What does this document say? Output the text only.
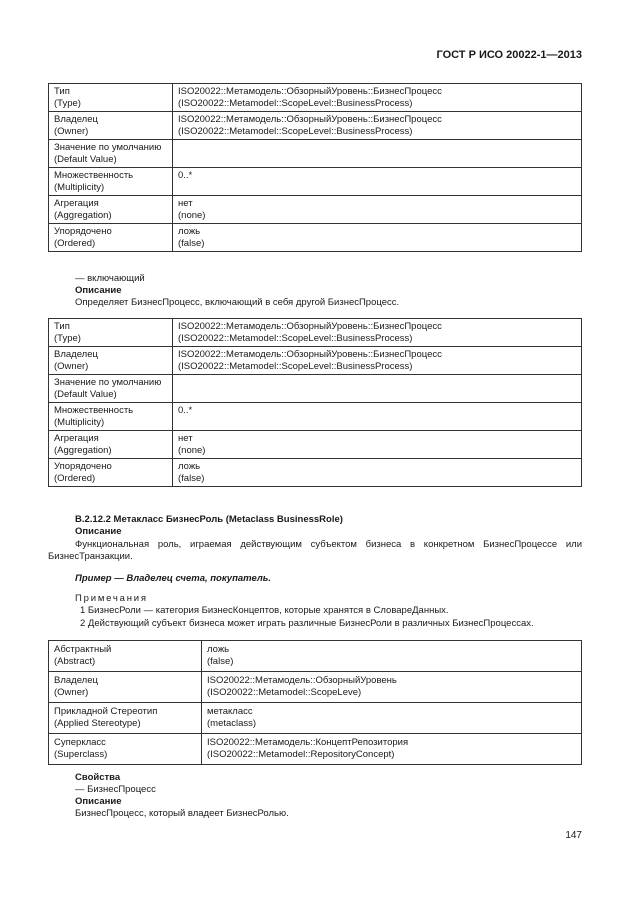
ГОСТ Р ИСО 20022-1—2013
Тип
(Type)	ISO20022::Метамодель::ОбзорныйУровень::БизнесПроцесс
(ISO20022::Metamodel::ScopeLevel::BusinessProcess)

Владелец
(Owner)	ISO20022::Метамодель::ОбзорныйУровень::БизнесПроцесс
(ISO20022::Metamodel::ScopeLevel::BusinessProcess)

Значение по умолчанию
(Default Value)	

Множественность
(Multiplicity)	0..*

Агрегация
(Aggregation)	нет
(none)

Упорядочено
(Ordered)	ложь
(false)
— включающий
Описание
Определяет БизнесПроцесс, включающий в себя другой БизнесПроцесс.
Тип
(Type)	ISO20022::Метамодель::ОбзорныйУровень::БизнесПроцесс
(ISO20022::Metamodel::ScopeLevel::BusinessProcess)

Владелец
(Owner)	ISO20022::Метамодель::ОбзорныйУровень::БизнесПроцесс
(ISO20022::Metamodel::ScopeLevel::BusinessProcess)

Значение по умолчанию
(Default Value)	

Множественность
(Multiplicity)	0..*

Агрегация
(Aggregation)	нет
(none)

Упорядочено
(Ordered)	ложь
(false)
B.2.12.2 Метакласс БизнесРоль (Metaclass BusinessRole)
Описание
Функциональная роль, играемая действующим субъектом бизнеса в конкретном БизнесПроцессе или БизнесТранзакции.
Пример — Владелец счета, покупатель.
Примечания
1 БизнесРоли — категория БизнесКонцептов, которые хранятся в СловареДанных.
2 Действующий субъект бизнеса может играть различные БизнесРоли в различных БизнесПроцессах.
Абстрактный
(Abstract)	ложь
(false)

Владелец
(Owner)	ISO20022::Метамодель::ОбзорныйУровень
(ISO20022::Metamodel::ScopeLeve)

Прикладной Стереотип
(Applied Stereotype)	метакласс
(metaclass)

Суперкласс
(Superclass)	ISO20022::Метамодель::КонцептРепозитория
(ISO20022::Metamodel::RepositoryConcept)
Свойства
— БизнесПроцесс
Описание
БизнесПроцесс, который владеет БизнесРолью.
147
